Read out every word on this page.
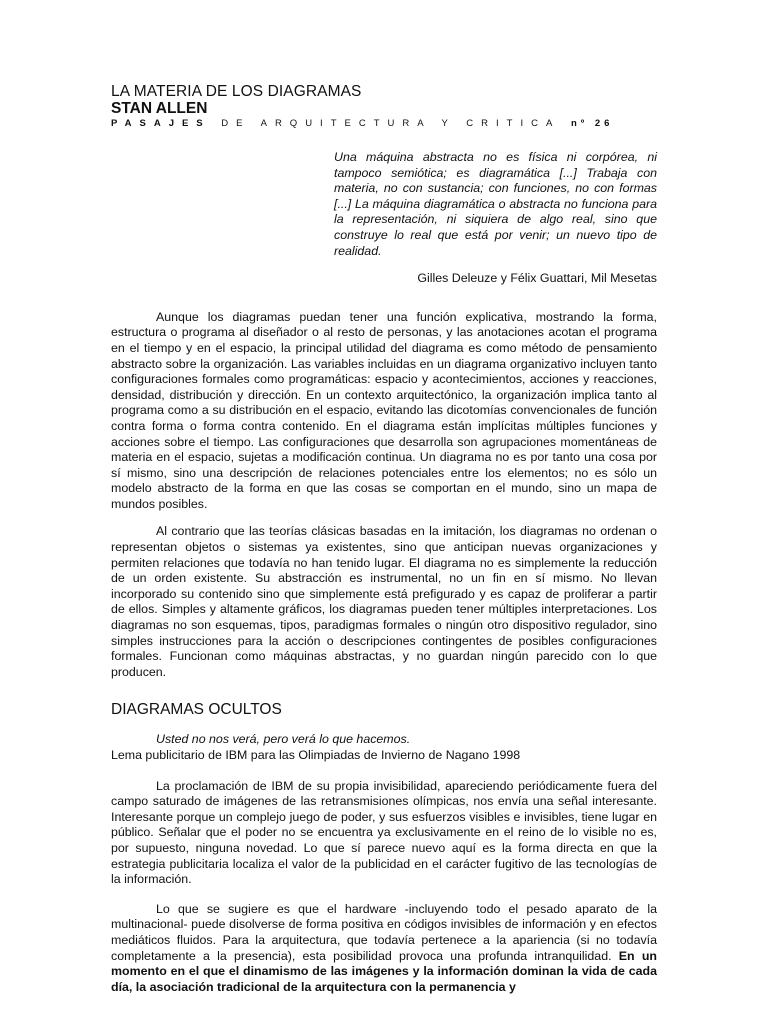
LA MATERIA DE LOS DIAGRAMAS
STAN ALLEN
PASAJES DE ARQUITECTURA Y CRITICA nº 26
Una máquina abstracta no es física ni corpórea, ni tampoco semiótica; es diagramática [...] Trabaja con materia, no con sustancia; con funciones, no con formas [...] La máquina diagramática o abstracta no funciona para la representación, ni siquiera de algo real, sino que construye lo real que está por venir; un nuevo tipo de realidad.
Gilles Deleuze y Félix Guattari, Mil Mesetas

Aunque los diagramas puedan tener una función explicativa, mostrando la forma, estructura o programa al diseñador o al resto de personas, y las anotaciones acotan el programa en el tiempo y en el espacio, la principal utilidad del diagrama es como método de pensamiento abstracto sobre la organización. Las variables incluidas en un diagrama organizativo incluyen tanto configuraciones formales como programáticas: espacio y acontecimientos, acciones y reacciones, densidad, distribución y dirección. En un contexto arquitectónico, la organización implica tanto al programa como a su distribución en el espacio, evitando las dicotomías convencionales de función contra forma o forma contra contenido. En el diagrama están implícitas múltiples funciones y acciones sobre el tiempo. Las configuraciones que desarrolla son agrupaciones momentáneas de materia en el espacio, sujetas a modificación continua. Un diagrama no es por tanto una cosa por sí mismo, sino una descripción de relaciones potenciales entre los elementos; no es sólo un modelo abstracto de la forma en que las cosas se comportan en el mundo, sino un mapa de mundos posibles.

Al contrario que las teorías clásicas basadas en la imitación, los diagramas no ordenan o representan objetos o sistemas ya existentes, sino que anticipan nuevas organizaciones y permiten relaciones que todavía no han tenido lugar. El diagrama no es simplemente la reducción de un orden existente. Su abstracción es instrumental, no un fin en sí mismo. No llevan incorporado su contenido sino que simplemente está prefigurado y es capaz de proliferar a partir de ellos. Simples y altamente gráficos, los diagramas pueden tener múltiples interpretaciones. Los diagramas no son esquemas, tipos, paradigmas formales o ningún otro dispositivo regulador, sino simples instrucciones para la acción o descripciones contingentes de posibles configuraciones formales. Funcionan como máquinas abstractas, y no guardan ningún parecido con lo que producen.

DIAGRAMAS OCULTOS
Usted no nos verá, pero verá lo que hacemos.
Lema publicitario de IBM para las Olimpiadas de Invierno de Nagano 1998

La proclamación de IBM de su propia invisibilidad, apareciendo periódicamente fuera del campo saturado de imágenes de las retransmisiones olímpicas, nos envía una señal interesante. Interesante porque un complejo juego de poder, y sus esfuerzos visibles e invisibles, tiene lugar en público. Señalar que el poder no se encuentra ya exclusivamente en el reino de lo visible no es, por supuesto, ninguna novedad. Lo que sí parece nuevo aquí es la forma directa en que la estrategia publicitaria localiza el valor de la publicidad en el carácter fugitivo de las tecnologías de la información.

Lo que se sugiere es que el hardware -incluyendo todo el pesado aparato de la multinacional- puede disolverse de forma positiva en códigos invisibles de información y en efectos mediáticos fluidos. Para la arquitectura, que todavía pertenece a la apariencia (si no todavía completamente a la presencia), esta posibilidad provoca una profunda intranquilidad. En un momento en el que el dinamismo de las imágenes y la información dominan la vida de cada día, la asociación tradicional de la arquitectura con la permanencia y
